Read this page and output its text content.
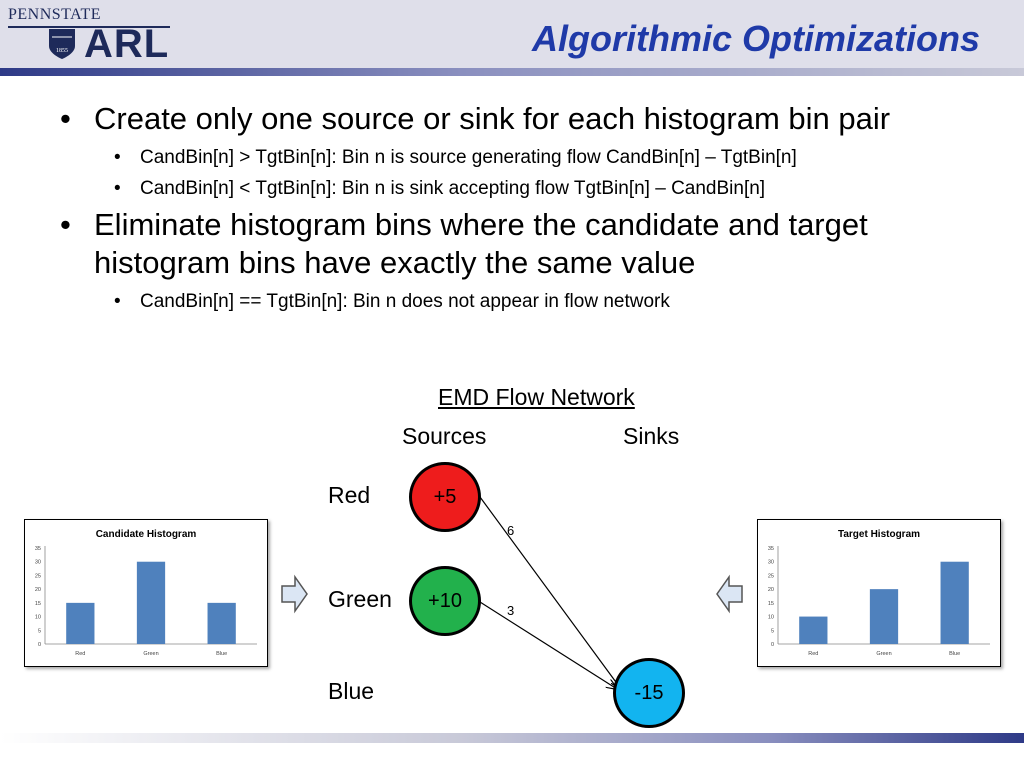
PENNSTATE
1855 ARL	Algorithmic Optimizations
• Create only one source or sink for each histogram bin pair
• CandBin[n] > TgtBin[n]: Bin n is source generating flow CandBin[n] – TgtBin[n]
• CandBin[n] < TgtBin[n]: Bin n is sink accepting flow TgtBin[n] – CandBin[n]
• Eliminate histogram bins where the candidate and target histogram bins have exactly the same value
• CandBin[n] == TgtBin[n]: Bin n does not appear in flow network
EMD Flow Network
Sources	Sinks
Red
Green
Blue
6
3
+5
+10
-15
Candidate Histogram
0
5
10
15
20
25
30
35
Red	Green	Blue
Target Histogram
0
5
10
15
20
25
30
35
Red	Green	Blue
